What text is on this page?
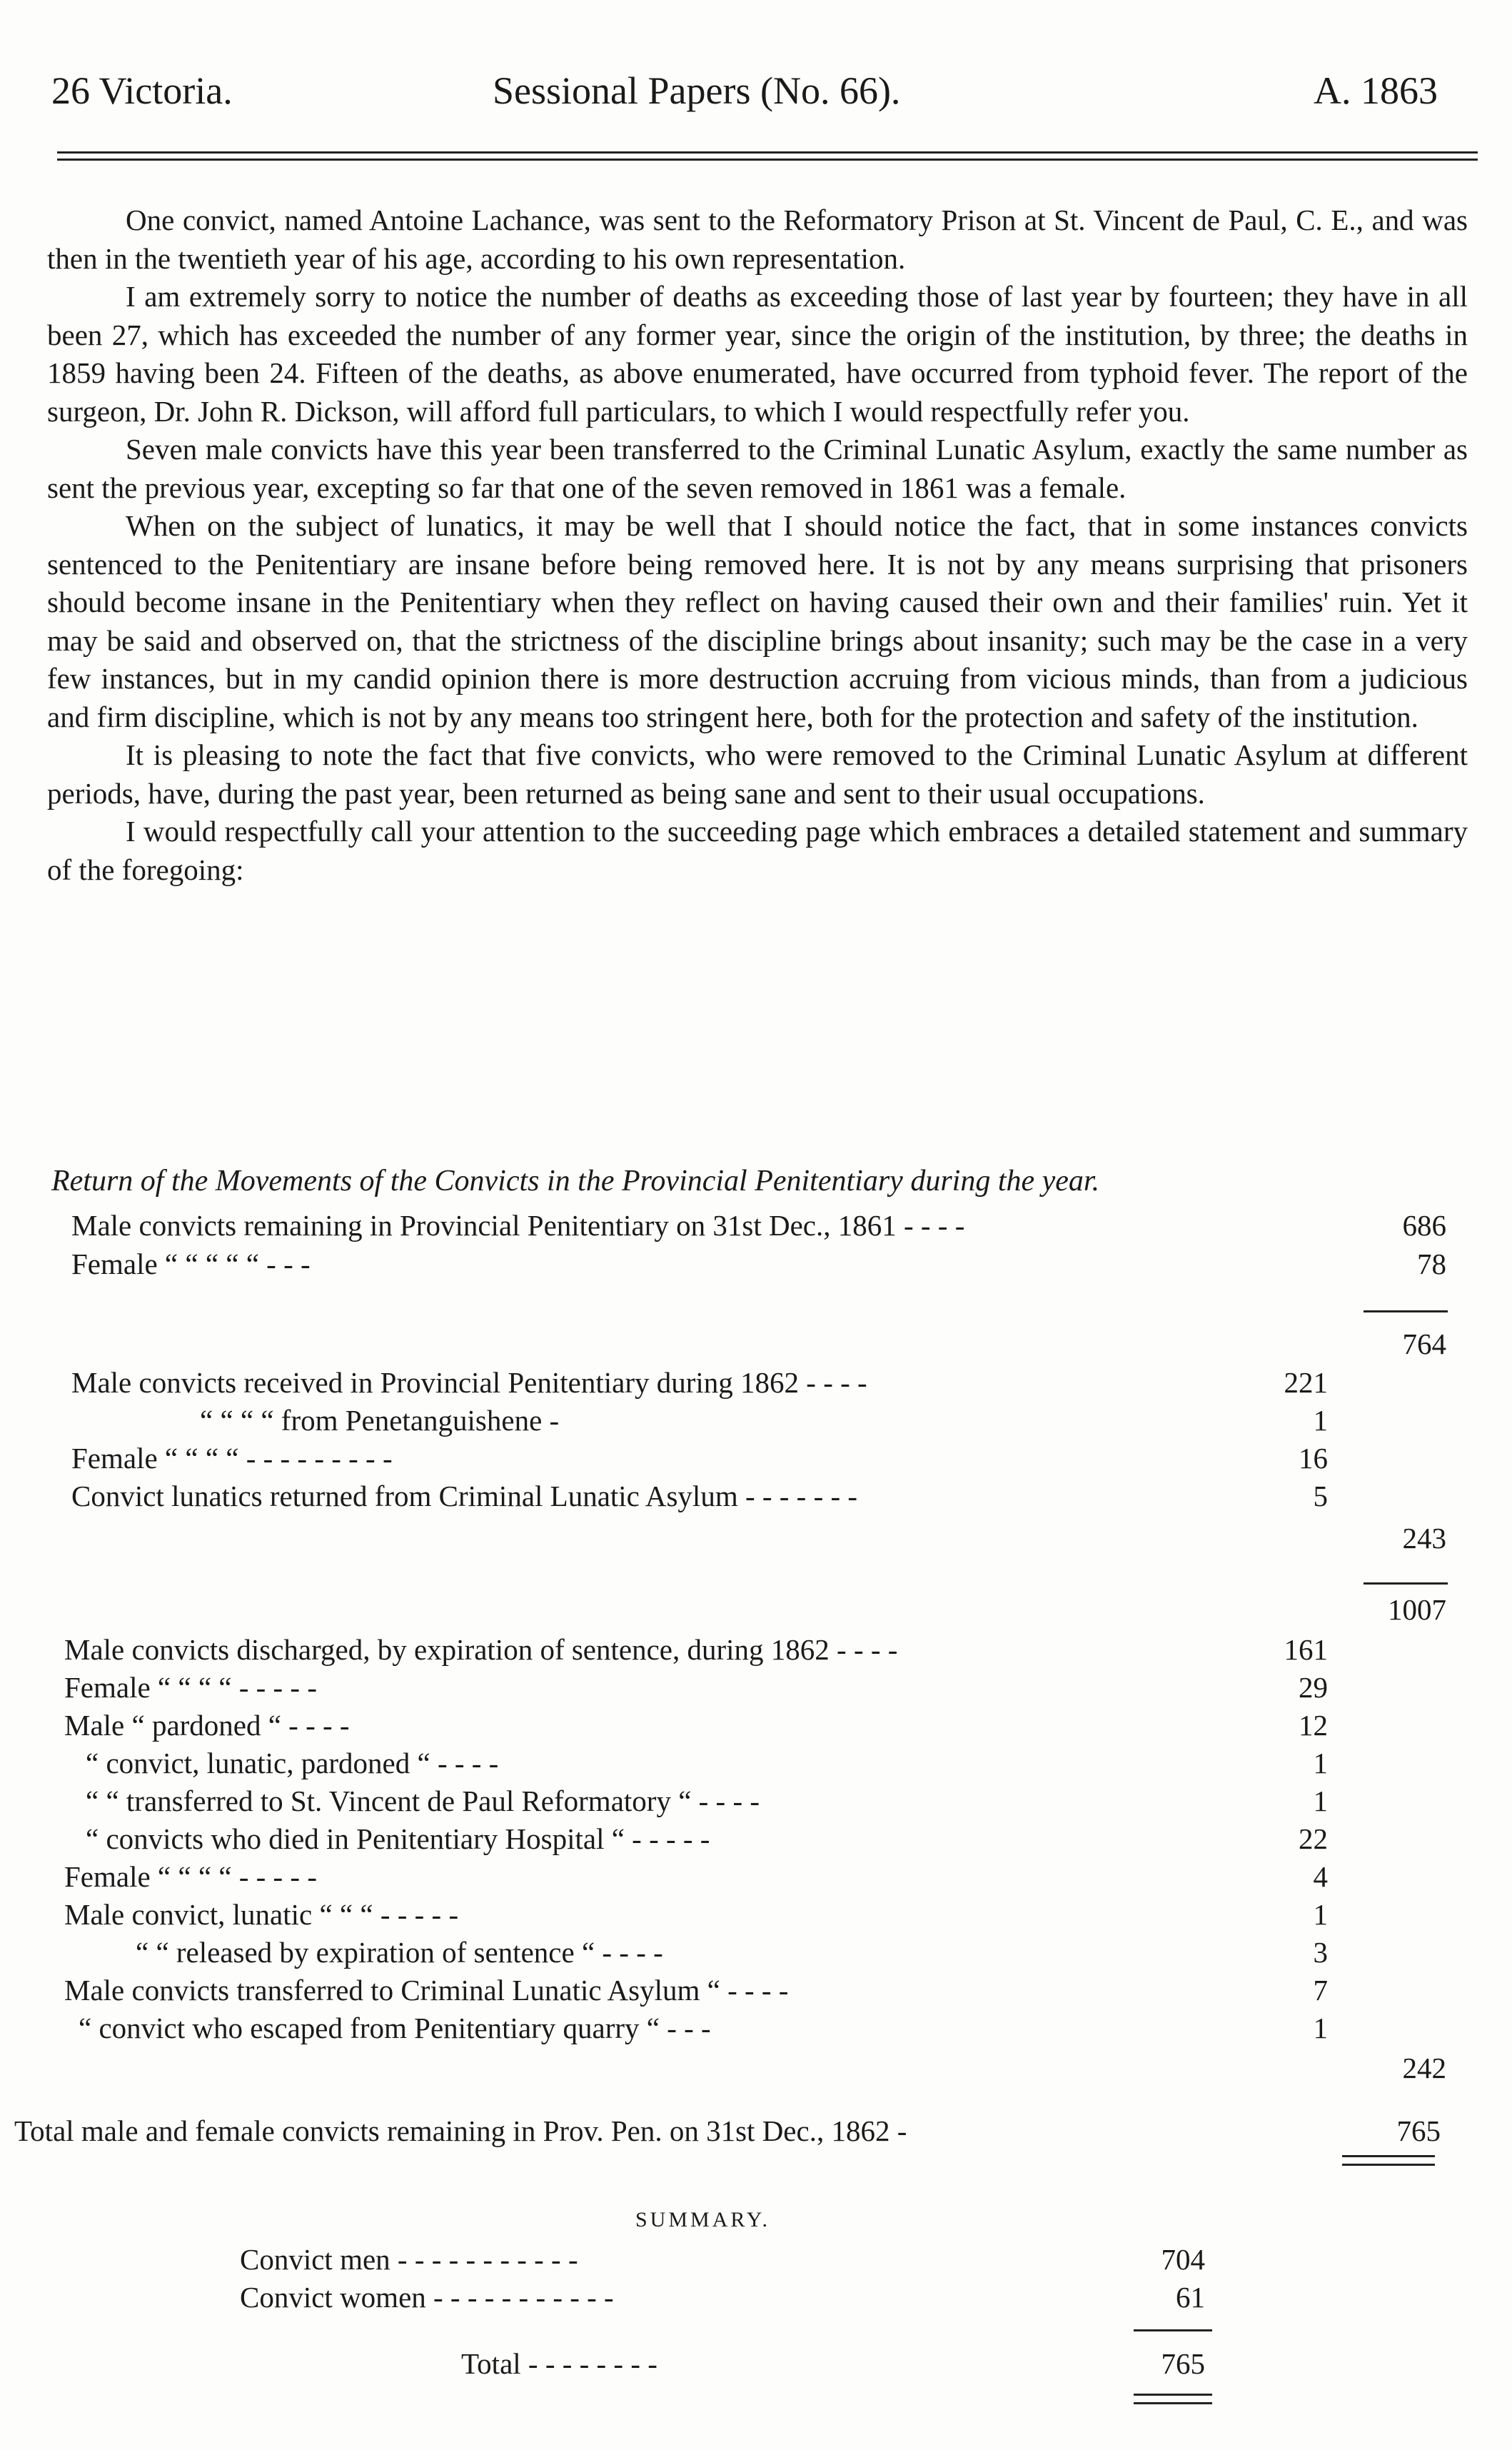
26 Victoria.	Sessional Papers (No. 66).	A. 1863

One convict, named Antoine Lachance, was sent to the Reformatory Prison at St. Vincent de Paul, C. E., and was then in the twentieth year of his age, according to his own representation.

I am extremely sorry to notice the number of deaths as exceeding those of last year by fourteen; they have in all been 27, which has exceeded the number of any former year, since the origin of the institution, by three; the deaths in 1859 having been 24. Fifteen of the deaths, as above enumerated, have occurred from typhoid fever. The report of the surgeon, Dr. John R. Dickson, will afford full particulars, to which I would respectfully refer you.

Seven male convicts have this year been transferred to the Criminal Lunatic Asylum, exactly the same number as sent the previous year, excepting so far that one of the seven removed in 1861 was a female.

When on the subject of lunatics, it may be well that I should notice the fact, that in some instances convicts sentenced to the Penitentiary are insane before being removed here. It is not by any means surprising that prisoners should become insane in the Penitentiary when they reflect on having caused their own and their families' ruin. Yet it may be said and observed on, that the strictness of the discipline brings about insanity; such may be the case in a very few instances, but in my candid opinion there is more destruction accruing from vicious minds, than from a judicious and firm discipline, which is not by any means too stringent here, both for the protection and safety of the institution.

It is pleasing to note the fact that five convicts, who were removed to the Criminal Lunatic Asylum at different periods, have, during the past year, been returned as being sane and sent to their usual occupations.

I would respectfully call your attention to the succeeding page which embraces a detailed statement and summary of the foregoing:

Return of the Movements of the Convicts in the Provincial Penitentiary during the year.
Male convicts remaining in Provincial Penitentiary on 31st Dec., 1861 - - - -	686
Female “ “ “ “ “ - - -	78
764
Male convicts received in Provincial Penitentiary during 1862 - - - -	221
“ “ “ “ from Penetanguishene -	1
Female “ “ “ “ - - - - - - - - -	16
Convict lunatics returned from Criminal Lunatic Asylum - - - - - - -	5
243
1007
Male convicts discharged, by expiration of sentence, during 1862 - - - -	161
Female “ “ “ “ - - - - -	29
Male “ pardoned “ - - - -	12
“ convict, lunatic, pardoned “ - - - -	1
“ “ transferred to St. Vincent de Paul Reformatory “ - - - -	1
“ convicts who died in Penitentiary Hospital “ - - - - -	22
Female “ “ “ “ - - - - -	4
Male convict, lunatic “ “ “ - - - - -	1
“ “ released by expiration of sentence “ - - - -	3
Male convicts transferred to Criminal Lunatic Asylum “ - - - -	7
“ convict who escaped from Penitentiary quarry “ - - -	1
242
Total male and female convicts remaining in Prov. Pen. on 31st Dec., 1862 -	765
SUMMARY.
Convict men - - - - - - - - - - -	704
Convict women - - - - - - - - - - -	61
Total - - - - - - - -	765
